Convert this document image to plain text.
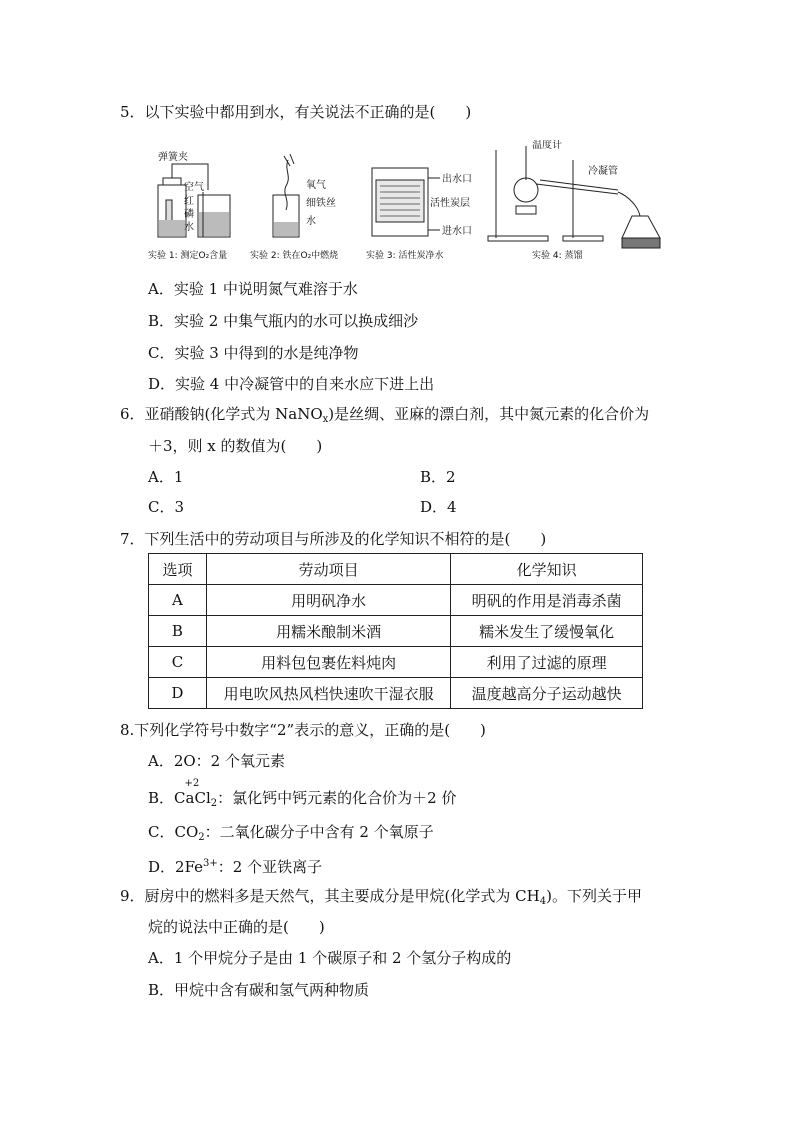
5．以下实验中都用到水，有关说法不正确的是(　　)
弹簧夹
空气
红
磷
水
氧气
细铁丝
水
出水口
活性炭层
进水口
温度计
冷凝管
实验 1: 测定O₂含量	实验 2: 铁在O₂中燃烧	实验 3: 活性炭净水	实验 4: 蒸馏
A．实验 1 中说明氮气难溶于水
B．实验 2 中集气瓶内的水可以换成细沙
C．实验 3 中得到的水是纯净物
D．实验 4 中冷凝管中的自来水应下进上出
6．亚硝酸钠(化学式为 NaNO$_x$)是丝绸、亚麻的漂白剂，其中氮元素的化合价为
＋3，则 x 的数值为(　　)
A．1	B．2
C．3	D．4
7．下列生活中的劳动项目与所涉及的化学知识不相符的是(　　)
选项	劳动项目	化学知识
A	用明矾净水	明矾的作用是消毒杀菌
B	用糯米酿制米酒	糯米发生了缓慢氧化
C	用料包包裹佐料炖肉	利用了过滤的原理
D	用电吹风热风档快速吹干湿衣服	温度越高分子运动越快
8.下列化学符号中数字“2”表示的意义，正确的是(　　)
A．2O：2 个氧元素
B．C
+2
aCl$_2$：氯化钙中钙元素的化合价为＋2 价
C．$CO_2$：二氧化碳分子中含有 2 个氧原子
D．$2Fe^{3+}$：2 个亚铁离子
9．厨房中的燃料多是天然气，其主要成分是甲烷(化学式为 $CH_4$)。下列关于甲
烷的说法中正确的是(　　)
A．1 个甲烷分子是由 1 个碳原子和 2 个氢分子构成的
B．甲烷中含有碳和氢气两种物质
